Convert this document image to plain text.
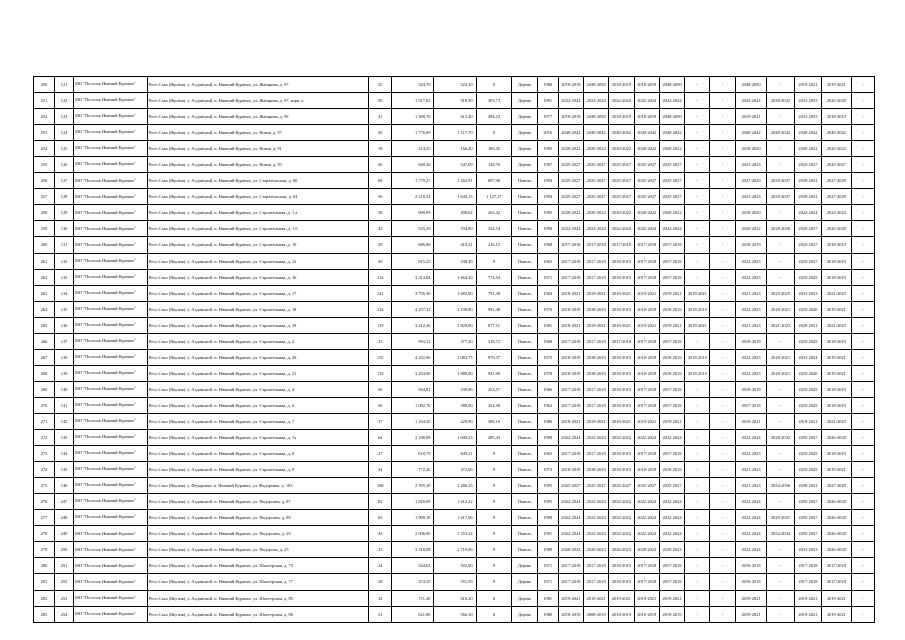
250	121	МО "Поселок Нижний Куранах"	Респ Саха (Якутия), у. Алданский, п. Нижний Куранах, ул. Жатарная, д. 97	25	524,70	524,30	0	Дерево	1980	2018-2019	2048-2050	2018-2019	2018-2019	2048-2050	-	-	2048-2050	-	2019-2021	2019-2021	-
251	122	МО "Поселок Нижний Куранах"	Респ Саха (Якутия), у. Алданский, п. Нижний Куранах, ул. Жатарная, д. 97, корп. а	58	1 017,63	918,50	303,73	Дерево	1991	2022-2024	2022-2024	2022-2024	2022-2024	2022-2024	-	-	2022-2024	2030-2032	2031-2033	2026-2028	-
252	123	МО "Поселок Нижний Куранах"	Респ Саха (Якутия), у. Алданский, п. Нижний Куранах, ул. Жатарная, д. 99	41	1 300,70	613,40	494,23	Дерево	1977	2018-2019	2048-2050	2018-2019	2018-2019	2048-2050	-	-	2019-2021	-	2031-2033	2018-2019	-
253	124	МО "Поселок Нижний Куранах"	Респ Саха (Якутия), у. Алданский, п. Нижний Куранах, ул. Новая, д. 97	30	1 776,00	1 117,70	0	Дерево	2016	2040-2042	2040-2042	2040-2042	2040-2042	2040-2042	-	-	2040-2042	2040-2042	2040-2042	2040-2042	-
254	125	МО "Поселок Нижний Куранах"	Респ Саха (Якутия), у. Алданский, п. Нижний Куранах, ул. Новая, д. 91	18	414,25	166,40	160,45	Дерево	1985	2020-2022	2020-2022	2020-2022	2020-2022	2020-2022	-	-	2018-2020	-	2020-2022	2020-2022	-
255	126	МО "Поселок Нижний Куранах"	Респ Саха (Якутия), у. Алданский, п. Нижний Куранах, ул. Новая, д. 95	26	660,36	547,09	128,76	Дерево	1997	2025-2027	2025-2027	2025-2027	2025-2027	2025-2027	-	-	2021-2023	-	2025-2027	2025-2027	-
256	127	МО "Поселок Нижний Куранах"	Респ Саха (Якутия), у. Алданский, п. Нижний Куранах, ул. Старательская, д. 80	68	1 779,27	1 262,91	607,90	Панель	1994	2025-2027	2025-2027	2025-2027	2025-2027	2025-2027	-	-	2027-2029	2035-2037	2039-2041	2027-2029	-
257	128	МО "Поселок Нижний Куранах"	Респ Саха (Якутия), у. Алданский, п. Нижний Куранах, ул. Старательская, д. 84	56	2 218,54	1 643,13	1 127,27	Панель	1994	2025-2027	2025-2027	2025-2027	2025-2027	2025-2027	-	-	2021-2023	2035-2037	2039-2041	2027-2029	-
258	129	МО "Поселок Нижний Куранах"	Респ Саха (Якутия), у. Алданский, п. Нижний Куранах, ул. Строительная, д. 1 а	38	900,09	498,62	262,42	Панель	1985	2020-2022	2020-2022	2020-2022	2020-2022	2020-2022	-	-	2018-2020	-	2022-2024	2022-2024	-
259	130	МО "Поселок Нижний Куранах"	Респ Саха (Якутия), у. Алданский, п. Нижний Куранах, ул. Строительная, д. 1 б	43	925,29	704,80	334,54	Панель	1990	2022-2024	2022-2024	2022-2024	2022-2024	2022-2024	-	-	2020-2022	2028-2030	2035-2037	2026-2028	-
260	131	МО "Поселок Нижний Куранах"	Респ Саха (Якутия), у. Алданский, п. Нижний Куранах, ул. Строительная, д. 10	29	686,06	410,21	216,15	Панель	1968	2017-2018	2017-2018	2017-2018	2017-2018	2017-2018	-	-	2018-2019	-	2025-2027	2018-2019	-
261	132	МО "Поселок Нижний Куранах"	Респ Саха (Якутия), у. Алданский, п. Нижний Куранах, ул. Строительная, д. 12	30	815,25	538,49	0	Панель	1965	2017-2018	2017-2018	2018-2019	2017-2018	2017-2018	-	-	2022-2025	-	2025-2027	2018-2019	-
262	133	МО "Поселок Нижний Куранах"	Респ Саха (Якутия), у. Алданский, п. Нижний Куранах, ул. Строительная, д. 16	114	3 314,84	1 664,30	774,54	Панель	1971	2017-2018	2017-2018	2018-2019	2017-2018	2017-2018	-	-	2022-2025	-	2025-2025	2018-2019	-
263	134	МО "Поселок Нижний Куранах"	Респ Саха (Якутия), у. Алданский, п. Нижний Куранах, ул. Строительная, д. 17	141	3 795,30	1 683,90	791,30	Панель	1984	2019-2021	2019-2021	2019-2021	2019-2021	2019-2021	2019-2021	-	2021-2023	2025-2025	2031-2033	2021-2023	-
264	135	МО "Поселок Нижний Куранах"	Респ Саха (Якутия), у. Алданский, п. Нижний Куранах, ул. Строительная, д. 18	134	4 257,32	2 198,80	991,48	Панель	1976	2018-2019	2018-2019	2018-2019	2018-2019	2018-2019	2018-2019	-	2022-2025	2018-2021	2025-2026	2019-2021	-
265	136	МО "Поселок Нижний Куранах"	Респ Саха (Якутия), у. Алданский, п. Нижний Куранах, ул. Строительная, д. 19	119	3 412,36	1 829,60	877,11	Панель	1981	2019-2021	2019-2021	2019-2021	2019-2021	2019-2021	2019-2021	-	2021-2023	2021-2023	2029-2031	2021-2023	-
266	137	МО "Поселок Нижний Куранах"	Респ Саха (Якутия), у. Алданский, п. Нижний Куранах, ул. Строительная, д. 2	23	993,32	377,20	218,72	Панель	1968	2017-2018	2017-2018	2017-2018	2017-2018	2017-2018	-	-	2018-2019	-	2025-2025	2018-2019	-
267	138	МО "Поселок Нижний Куранах"	Респ Саха (Якутия), у. Алданский, п. Нижний Куранах, ул. Строительная, д. 20	135	4 102,96	2 083,75	978,37	Панель	1975	2018-2019	2018-2019	2018-2019	2018-2019	2018-2019	2018-2019	-	2022-2025	2018-2021	2031-2034	2019-2021	-
268	139	МО "Поселок Нижний Куранах"	Респ Саха (Якутия), у. Алданский, п. Нижний Куранах, ул. Строительная, д. 21	110	3 454,00	1 889,60	941,00	Панель	1978	2018-2019	2018-2019	2018-2019	2018-2019	2018-2019	2018-2019	-	2022-2025	2018-2021	2025-2026	2019-2021	-
269	140	МО "Поселок Нижний Куранах"	Респ Саха (Якутия), у. Алданский, п. Нижний Куранах, ул. Строительная, д. 4	26	844,81	539,96	253,57	Панель	1966	2017-2018	2017-2018	2018-2019	2017-2018	2017-2018	-	-	2018-2019	-	2025-2025	2018-2019	-
270	141	МО "Поселок Нижний Куранах"	Респ Саха (Якутия), у. Алданский, п. Нижний Куранах, ул. Строительная, д. 6	26	1 082,76	588,00	254,58	Панель	1962	2017-2018	2017-2018	2018-2019	2017-2018	2017-2018	-	-	2017-2018	-	2025-2025	2018-2019	-
271	142	МО "Поселок Нижний Куранах"	Респ Саха (Якутия), у. Алданский, п. Нижний Куранах, ул. Строительная, д. 7	37	1 164,30	429,90	306,10	Панель	1986	2019-2021	2019-2021	2019-2021	2019-2021	2019-2021	-	-	2019-2021	-	2019-2021	2021-2023	-
272	143	МО "Поселок Нижний Куранах"	Респ Саха (Якутия), у. Алданский, п. Нижний Куранах, ул. Строительная, д. 7а	64	2 188,09	1 600,23	285,43	Панель	1990	2022-2024	2022-2024	2022-2024	2022-2024	2022-2024	-	-	2022-2024	2028-2032	2035-2037	2026-2028	-
273	144	МО "Поселок Нижний Куранах"	Респ Саха (Якутия), у. Алданский, п. Нижний Куранах, ул. Строительная, д. 8	27	818,79	649,21	0	Панель	1965	2017-2018	2017-2018	2018-2019	2017-2018	2017-2018	-	-	2022-2025	-	2025-2025	2018-2019	-
274	145	МО "Поселок Нижний Куранах"	Респ Саха (Якутия), у. Алданский, п. Нижний Куранах, ул. Строительная, д. 9	34	772,26	472,66	0	Панель	1973	2018-2019	2018-2019	2018-2019	2018-2019	2018-2019	-	-	2021-2023	-	2025-2025	2019-2021	-
275	146	МО "Поселок Нижний Куранах"	Респ Саха (Якутия), у. Федоровка, п. Нижний Куранах, ул. Федоровка, д. 103	108	2 595,10	2 286,23	0	Панель	1995	2025-2027	2025-2027	2025-2027	2025-2027	2025-2027	-	-	2021-2023	2034-2036	2039-2041	2027-2029	-
276	247	МО "Поселок Нижний Куранах"	Респ Саха (Якутия), у. Алданский, п. Нижний Куранах, ул. Федоровка, д. 87	82	1 820,09	1 612,22	0	Панель	1995	2022-2024	2022-2024	2022-2024	2022-2024	2022-2024	-	-	2022-2024	-	2035-2037	2026-2028	-
277	248	МО "Поселок Нижний Куранах"	Респ Саха (Якутия), у. Алданский, п. Нижний Куранах, ул. Федоровка, д. 89	63	1 990,18	1 617,06	0	Панель	1990	2022-2024	2022-2024	2022-2024	2022-2024	2022-2024	-	-	2022-2024	2029-2031	2035-2037	2026-2028	-
278	249	МО "Поселок Нижний Куранах"	Респ Саха (Якутия), у. Алданский, п. Нижний Куранах, ул. Федоровка, д. 29	43	2 006,90	1 353,24	0	Панель	1991	2022-2024	2022-2024	2022-2024	2022-2024	2022-2024	-	-	2022-2024	2032-2034	2035-2037	2026-2028	-
279	250	МО "Поселок Нижний Куранах"	Респ Саха (Якутия), у. Алданский, п. Нижний Куранах, ул. Федорова, д. 25	23	3 318,08	2 710,06	0	Панель	1988	2020-2023	2020-2023	2020-2023	2020-2023	2020-2023	-	-	2022-2024	-	2031-2033	2026-2028	-
280	251	МО "Поселок Нижний Куранах"	Респ Саха (Якутия), у. Алданский, п. Нижний Куранах, ул. Шахтерская, д. 75	24	544,65	502,90	0	Дерево	1971	2017-2018	2017-2018	2018-2019	2017-2018	2017-2018	-	-	2016-2018	-	2017-2018	2017-2018	-
281	252	МО "Поселок Нижний Куранах"	Респ Саха (Якутия), у. Алданский, п. Нижний Куранах, ул. Шахтерская, д. 77	28	474,35	551,59	0	Дерево	1971	2017-2018	2017-2018	2018-2019	2017-2018	2017-2018	-	-	2016-2018	-	2017-2018	2017-2018	-
282	253	МО "Поселок Нижний Куранах"	Респ Саха (Якутия), у. Алданский, п. Нижний Куранах, ул. Шахтерская, д. 85	32	711,40	616,20	0	Дерево	1981	2019-2021	2019-2021	2019-2021	2019-2021	2019-2021	-	-	2019-2021	-	2019-2021	2019-2021	-
283	254	МО "Поселок Нижний Куранах"	Респ Саха (Якутия), у. Алданский, п. Нижний Куранах, ул. Шахтерская, д. 86	21	621,80	566,30	0	Дерево	1980	2018-2019	2008-2019	2018-2019	2018-2019	2018-2019	-	-	2019-2021	-	2019-2021	2019-2021	-
